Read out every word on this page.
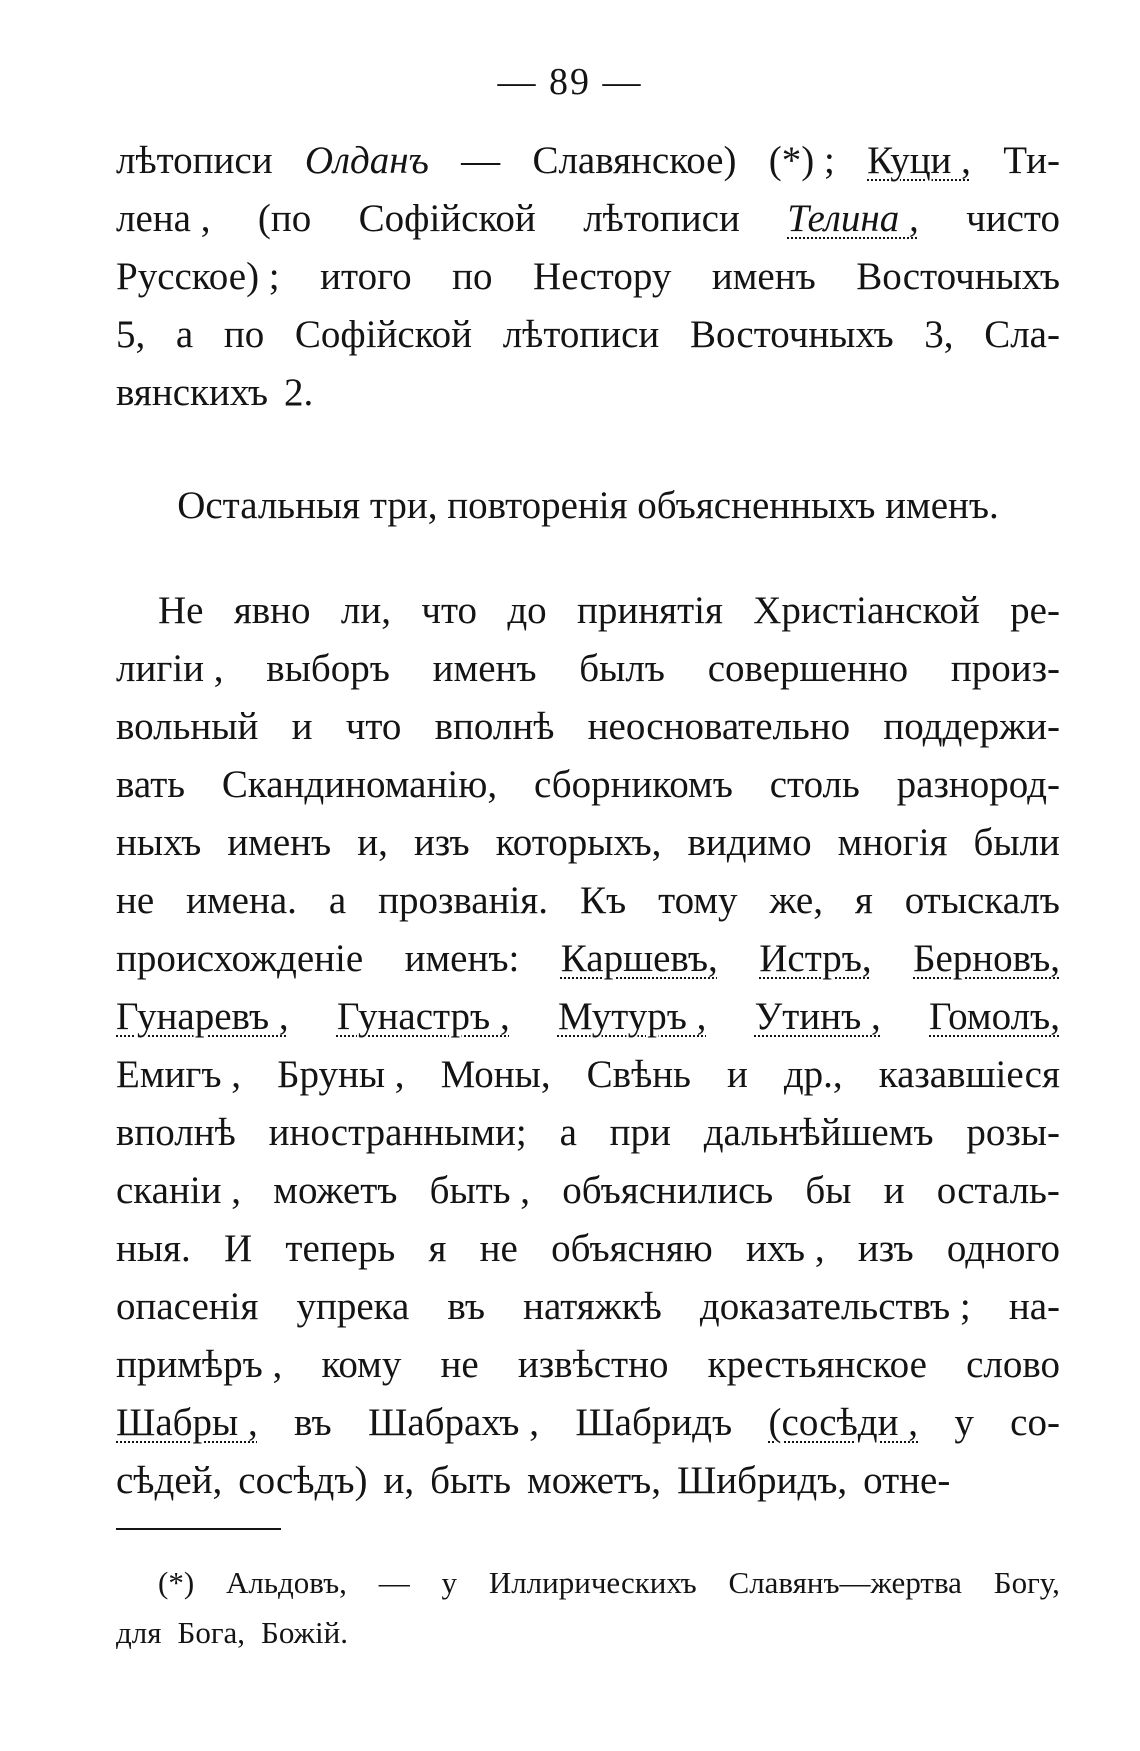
— 89 —
лѣтописи Олданъ — Славянское) (*) ; Куци , Ти-
лена , (по Софійской лѣтописи Телина , чисто
Русское) ; итого по Нестору именъ Восточныхъ
5, а по Софійской лѣтописи Восточныхъ 3, Сла-
вянскихъ 2.
Остальныя три, повторенія объясненныхъ именъ.
Не явно ли, что до принятія Христіанской ре-
лигіи , выборъ именъ былъ совершенно произ-
вольный и что вполнѣ неосновательно поддержи-
вать Скандиноманію, сборникомъ столь разнород-
ныхъ именъ и, изъ которыхъ, видимо многія были
не имена. а прозванія. Къ тому же, я отыскалъ
происхожденіе именъ: Каршевъ, Истръ, Берновъ,
Гунаревъ , Гунастръ , Мутуръ , Утинъ , Гомолъ,
Емигъ , Бруны , Моны, Свѣнь и др., казавшіеся
вполнѣ иностранными; а при дальнѣйшемъ розы-
сканіи , можетъ быть , объяснились бы и осталь-
ныя. И теперь я не объясняю ихъ , изъ одного
опасенія упрека въ натяжкѣ доказательствъ ; на-
примѣръ , кому не извѣстно крестьянское слово
Шабры , въ Шабрахъ , Шабридъ (сосѣди , у со-
сѣдей, сосѣдъ) и, быть можетъ, Шибридъ, отне-
(*) Альдовъ, — у Иллирическихъ Славянъ—жертва Богу,
для Бога, Божій.
